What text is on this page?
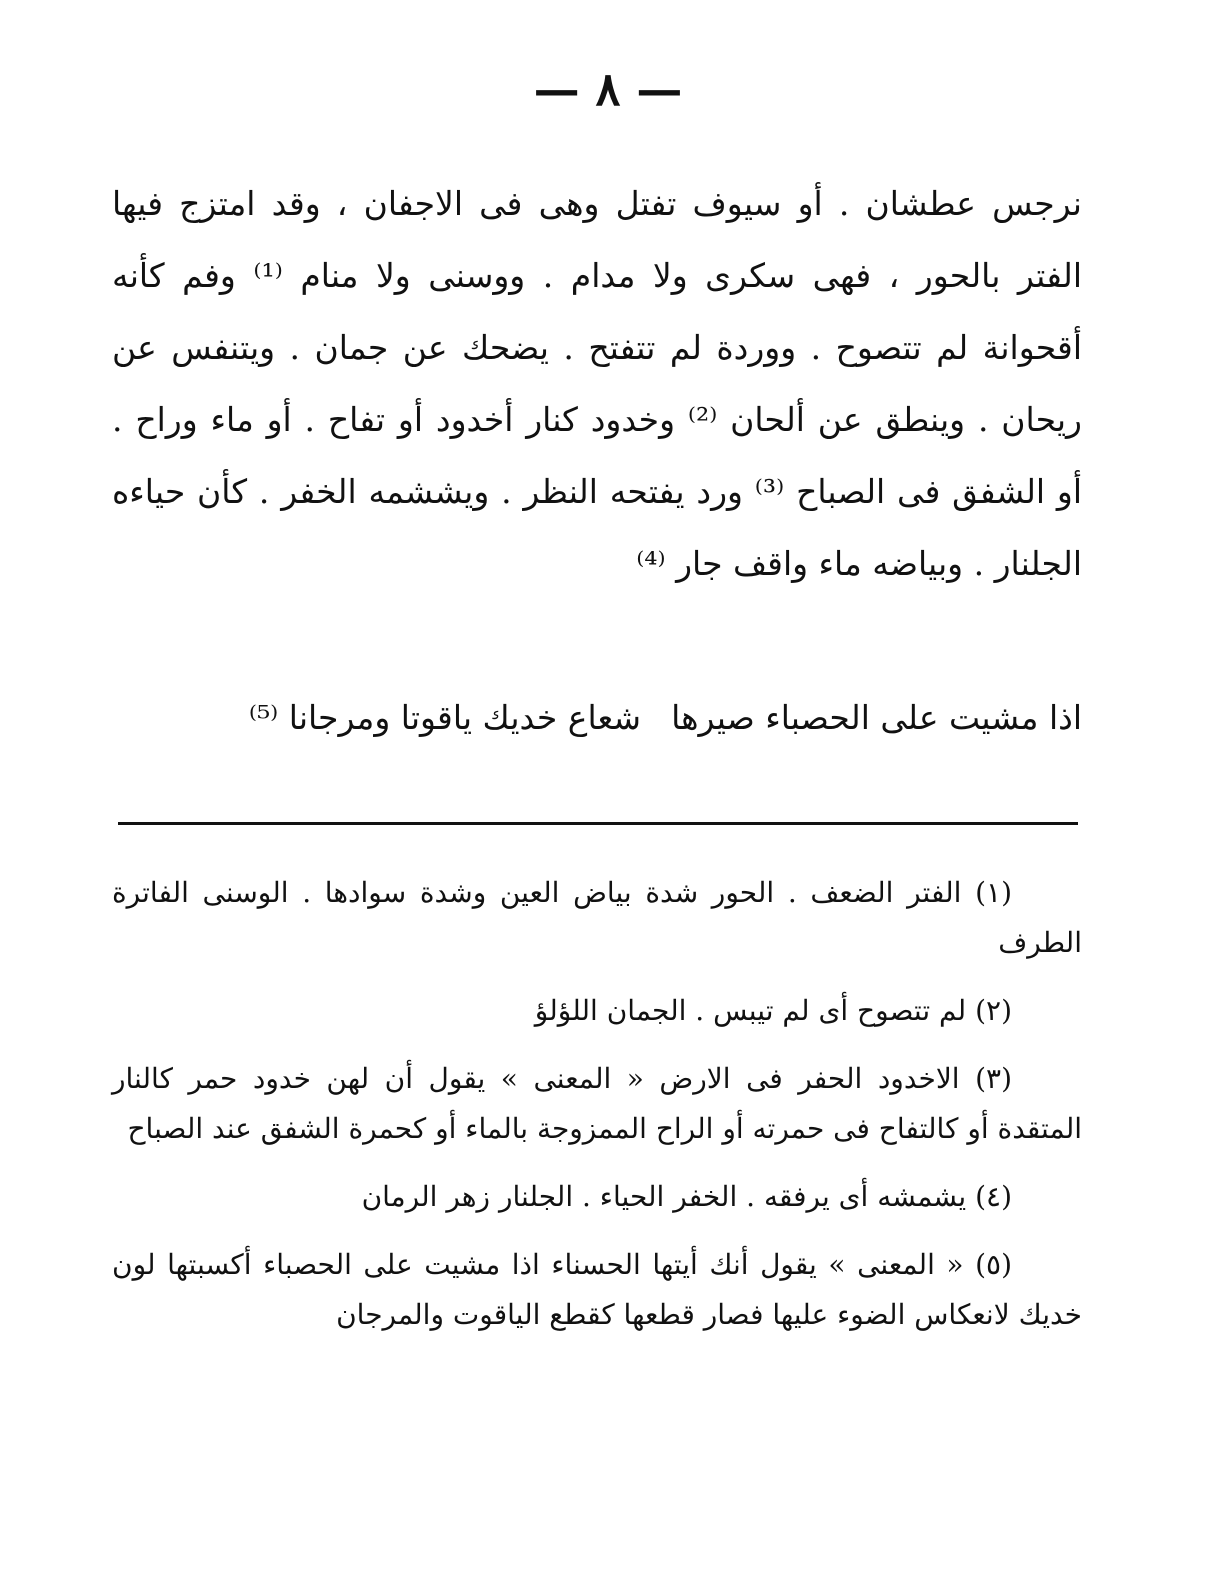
— ٨ —

نرجس عطشان . أو سيوف تفتل وهى فى الاجفان ، وقد امتزج فيها الفتر بالحور ، فهى سكرى ولا مدام . ووسنى ولا منام ⁽¹⁾ وفم كأنه أقحوانة لم تتصوح . ووردة لم تتفتح . يضحك عن جمان . ويتنفس عن ريحان . وينطق عن ألحان ⁽²⁾ وخدود كنار أخدود أو تفاح . أو ماء وراح . أو الشفق فى الصباح ⁽³⁾ ورد يفتحه النظر . ويششمه الخفر . كأن حياءه الجلنار . وبياضه ماء واقف جار ⁽⁴⁾

اذا مشيت على الحصباء صيرهاشعاع خديك ياقوتا ومرجانا ⁽⁵⁾

(١) الفتر الضعف . الحور شدة بياض العين وشدة سوادها . الوسنى الفاترة الطرف

(٢) لم تتصوح أى لم تيبس . الجمان اللؤلؤ

(٣) الاخدود الحفر فى الارض « المعنى » يقول أن لهن خدود حمر كالنار المتقدة أو كالتفاح فى حمرته أو الراح الممزوجة بالماء أو كحمرة الشفق عند الصباح

(٤) يشمشه أى يرفقه . الخفر الحياء . الجلنار زهر الرمان

(٥) « المعنى » يقول أنك أيتها الحسناء اذا مشيت على الحصباء أكسبتها لون خديك لانعكاس الضوء عليها فصار قطعها كقطع الياقوت والمرجان
